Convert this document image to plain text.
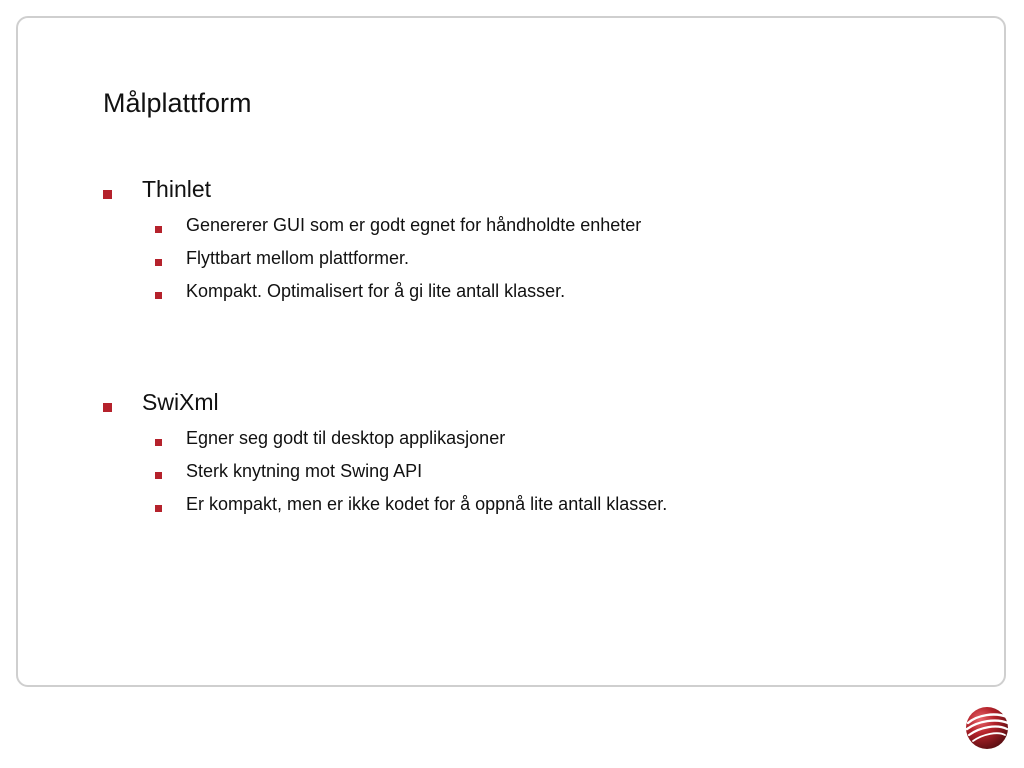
Målplattform
Thinlet
Genererer GUI som er godt egnet for håndholdte enheter
Flyttbart mellom plattformer.
Kompakt. Optimalisert for å gi lite antall klasser.
SwiXml
Egner seg godt til desktop applikasjoner
Sterk knytning mot Swing API
Er kompakt, men er ikke kodet for å oppnå lite antall klasser.
